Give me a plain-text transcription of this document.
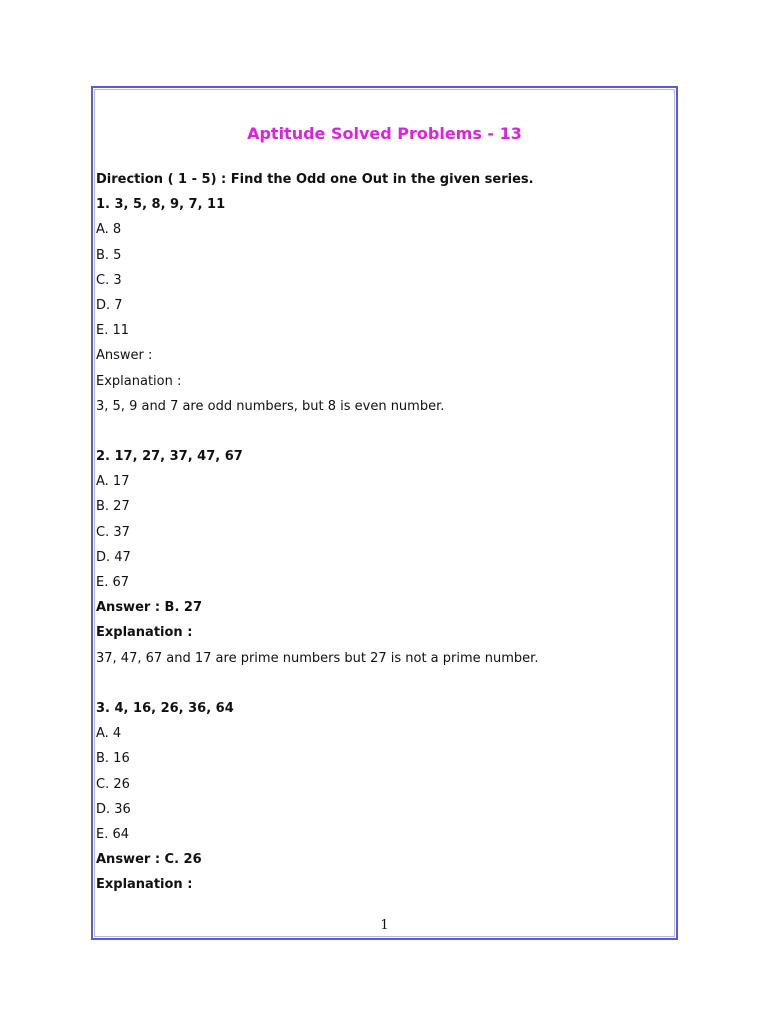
Aptitude Solved Problems - 13
Direction ( 1 - 5) : Find the Odd one Out in the given series.
1. 3, 5, 8, 9, 7, 11
A. 8
B. 5
C. 3
D. 7
E. 11
Answer :
Explanation :
3, 5, 9 and 7 are odd numbers, but 8 is even number.
2. 17, 27, 37, 47, 67
A. 17
B. 27
C. 37
D. 47
E. 67
Answer : B. 27
Explanation :
37, 47, 67 and 17 are prime numbers but 27 is not a prime number.
3. 4, 16, 26, 36, 64
A. 4
B. 16
C. 26
D. 36
E. 64
Answer : C. 26
Explanation :
1
